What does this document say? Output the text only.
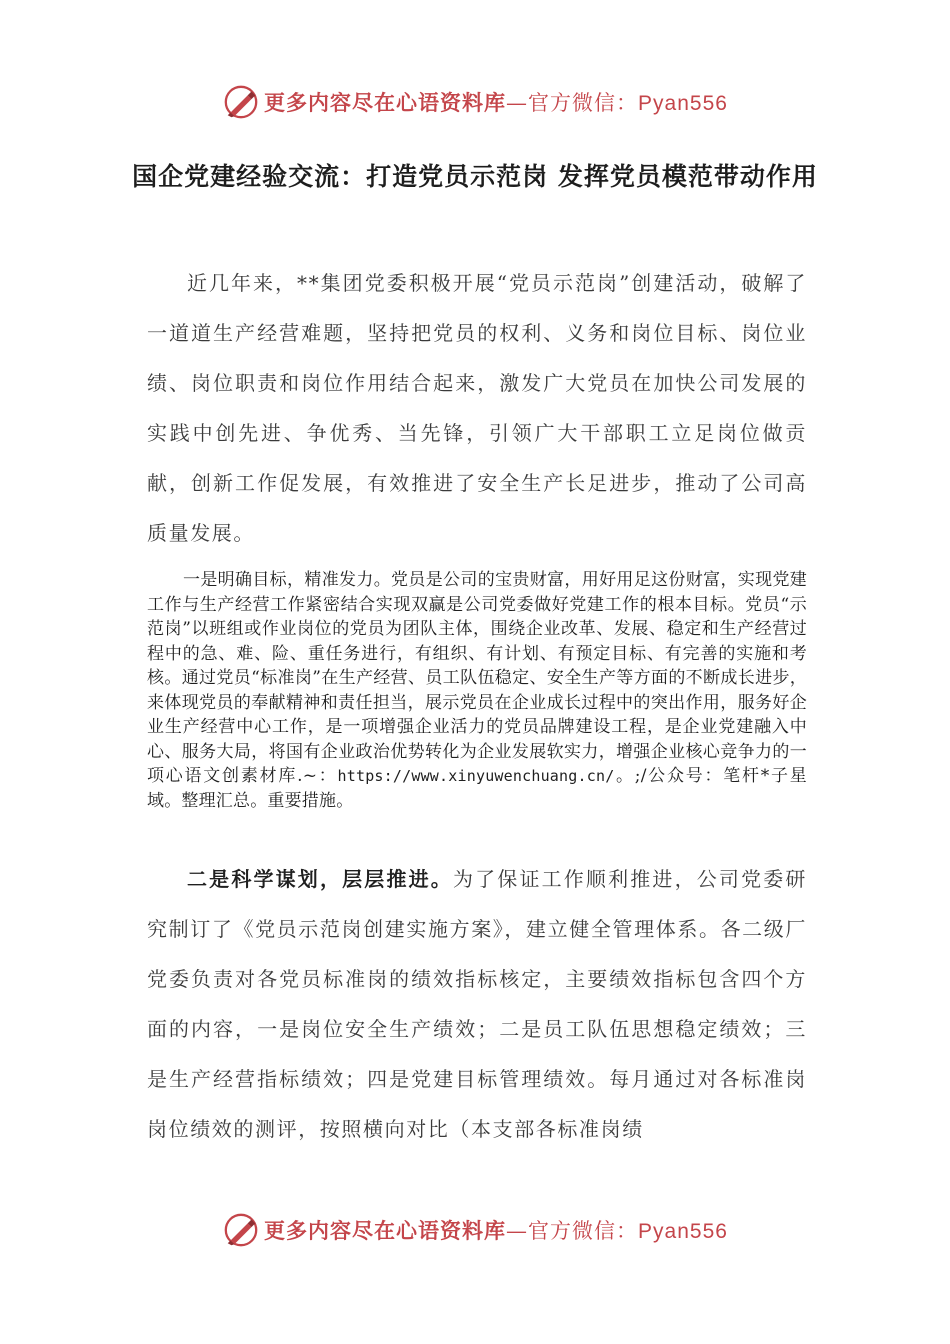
更多内容尽在心语资料库—官方微信：Pyan556
国企党建经验交流：打造党员示范岗 发挥党员模范带动作用

近几年来，**集团党委积极开展“党员示范岗”创建活动，破解了一道道生产经营难题，坚持把党员的权利、义务和岗位目标、岗位业绩、岗位职责和岗位作用结合起来，激发广大党员在加快公司发展的实践中创先进、争优秀、当先锋，引领广大干部职工立足岗位做贡献，创新工作促发展，有效推进了安全生产长足进步，推动了公司高质量发展。

一是明确目标，精准发力。党员是公司的宝贵财富，用好用足这份财富，实现党建工作与生产经营工作紧密结合实现双赢是公司党委做好党建工作的根本目标。党员“示范岗”以班组或作业岗位的党员为团队主体，围绕企业改革、发展、稳定和生产经营过程中的急、难、险、重任务进行，有组织、有计划、有预定目标、有完善的实施和考核。通过党员“标准岗”在生产经营、员工队伍稳定、安全生产等方面的不断成长进步，来体现党员的奉献精神和责任担当，展示党员在企业成长过程中的突出作用，服务好企业生产经营中心工作，是一项增强企业活力的党员品牌建设工程，是企业党建融入中心、服务大局，将国有企业政治优势转化为企业发展软实力，增强企业核心竞争力的一项心语文创素材库.~：https://www.xinyuwenchuang.cn/。;/公众号：笔杆*子星域。整理汇总。重要措施。

二是科学谋划，层层推进。为了保证工作顺利推进，公司党委研究制订了《党员示范岗创建实施方案》，建立健全管理体系。各二级厂党委负责对各党员标准岗的绩效指标核定，主要绩效指标包含四个方面的内容，一是岗位安全生产绩效；二是员工队伍思想稳定绩效；三是生产经营指标绩效；四是党建目标管理绩效。每月通过对各标准岗岗位绩效的测评，按照横向对比（本支部各标准岗绩

更多内容尽在心语资料库—官方微信：Pyan556
